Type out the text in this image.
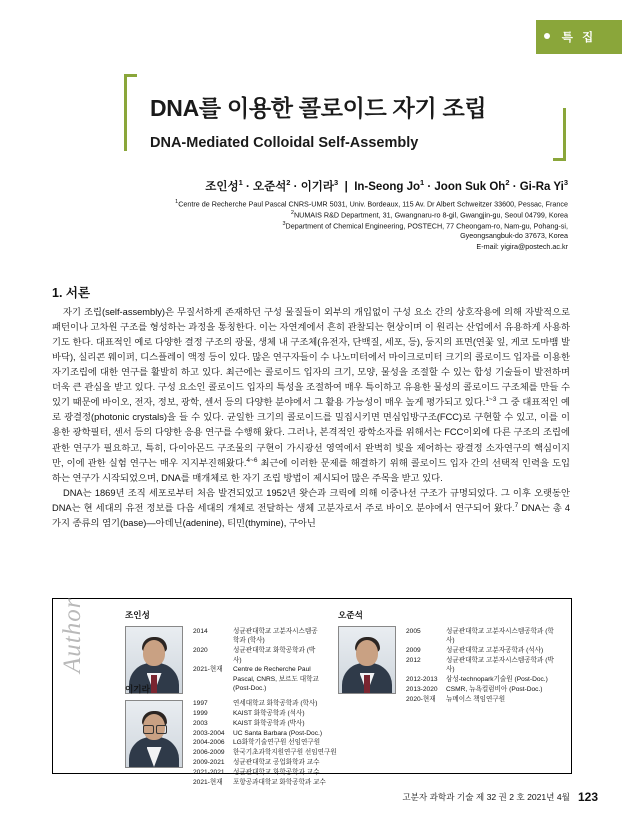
특 집
DNA를 이용한 콜로이드 자기 조립
DNA-Mediated Colloidal Self-Assembly
조인성$^1$ · 오준석$^2$ · 이기라$^3$  |  In-Seong $Jo^1$ · Joon Suk $Oh^2 \cdot Gi-Ra$ Yi$^3$
$^1$Centre de Recherche Paul Pascal CNRS-UMR 5031, Univ. Bordeaux, 115 Av. Dr Albert Schweitzer 33600, Pessac, France
$^2$NUMAIS R&D Department, 31, Gwangnaru-ro 8-gil, Gwangjin-gu, Seoul 04799, Korea
$^3$Department of Chemical Engineering, POSTECH, 77 Cheongam-ro, Nam-gu, Pohang-si,
Gyeongsangbuk-do 37673, Korea
E-mail: yigira@postech.ac.kr
1. 서론

자기 조립(self-assembly)은 무질서하게 존재하던 구성 물질들이 외부의 개입없이 구성 요소 간의 상호작용에 의해 자발적으로 패턴이나 고차원 구조를 형성하는 과정을 통칭한다. 이는 자연계에서 흔히 관찰되는 현상이며 이 원리는 산업에서 유용하게 사용하기도 한다. 대표적인 예로 다양한 결정 구조의 광물, 생체 내 구조체(유전자, 단백질, 세포, 등), 둥지의 표면(연꽃 잎, 게코 도마뱀 발바닥), 실리콘 웨이퍼, 디스플레이 액정 등이 있다. 많은 연구자들이 수 나노미터에서 마이크로미터 크기의 콜로이드 입자를 이용한 자기조립에 대한 연구를 활발히 하고 있다. 최근에는 콜로이드 입자의 크기, 모양, 물성을 조절할 수 있는 합성 기술들이 발전하며 더욱 큰 관심을 받고 있다. 구성 요소인 콜로이드 입자의 특성을 조절하여 매우 특이하고 유용한 물성의 콜로이드 구조체를 만들 수 있기 때문에 바이오, 전자, 정보, 광학, 센서 등의 다양한 분야에서 그 활용 가능성이 매우 높게 평가되고 있다.$^{1\sim 3}$ 그 중 대표적인 예로 광결정(photonic crystals)을 들 수 있다. 균일한 크기의 콜로이드를 밀집시키면 면심입방구조(FCC)로 구현할 수 있고, 이를 이용한 광학필터, 센서 등의 다양한 응용 연구를 수행해 왔다. 그러나, 본격적인 광학소자를 위해서는 FCC이외에 다른 구조의 조립에 관한 연구가 필요하고, 특히, 다이아몬드 구조물의 구현이 가시광선 영역에서 완벽히 빛을 제어하는 광결정 소자연구의 핵심이지만, 이에 관한 실험 연구는 매우 지지부진해왔다.$^{4\sim 6}$ 최근에 이러한 문제를 해결하기 위해 콜로이드 입자 간의 선택적 인력을 도입하는 연구가 시작되었으며, DNA를 매개체로 한 자기 조립 방법이 제시되어 많은 주목을 받고 있다.

DNA는 1869년 조직 세포로부터 처음 발견되었고 1952년 왓슨과 크릭에 의해 이중나선 구조가 규명되었다. 그 이후 오랫동안 DNA는 현 세대의 유전 정보를 다음 세대의 개체로 전달하는 생체 고분자로서 주로 바이오 분야에서 연구되어 왔다.$^7$ DNA는 총 4가지 종류의 염기(base)—아데닌(adenine), 티민(thymine), 구아닌

Author	조인성
2014	성균관대학교 고분자시스템공학과 (학사)
2020	성균관대학교 화학공학과 (박사)
2021-현재	Centre de Recherche Paul Pascal, CNRS, 보르도 대학교 (Post-Doc.)
오준석
2005	성균관대학교 고분자시스템공학과 (학사)
2009	성균관대학교 고분자공학과 (석사)
2012	성균관대학교 고분자시스템공학과 (박사)
2012-2013	삼성-technopark기술원 (Post-Doc.)
2013-2020	CSMR, 뉴욕컬럼비아 (Post-Doc.)
2020-현재	뉴메이스 책임연구원
이기라
1997	연세대학교 화학공학과 (학사)
1999	KAIST 화학공학과 (석사)
2003	KAIST 화학공학과 (박사)
2003-2004	UC Santa Barbara (Post-Doc.)
2004-2006	LG화학기술연구원 선임연구원
2006-2009	한국기초과학지원연구원 선임연구원
2009-2021	성균관대학교 공업화학과 교수
2021-2021	성균관대학교 화학공학과 교수
2021-현재	포항공과대학교 화학공학과 교수
고분자 과학과 기술 제 32 권 2 호 2021년 4월 123
